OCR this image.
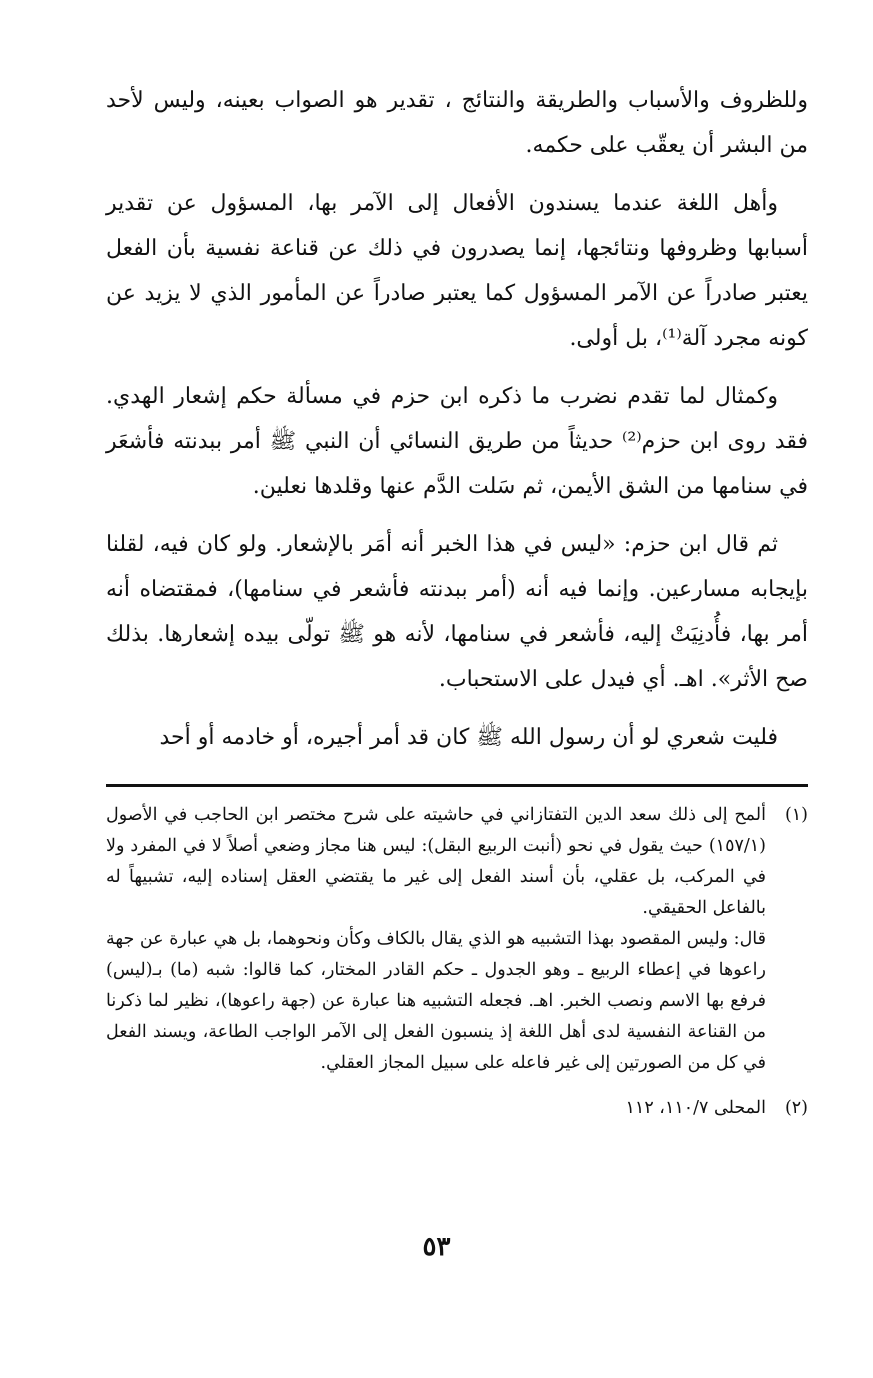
وللظروف والأسباب والطريقة والنتائج ، تقدير هو الصواب بعينه، وليس لأحد من البشر أن يعقّب على حكمه.

وأهل اللغة عندما يسندون الأفعال إلى الآمر بها، المسؤول عن تقدير أسبابها وظروفها ونتائجها، إنما يصدرون في ذلك عن قناعة نفسية بأن الفعل يعتبر صادراً عن الآمر المسؤول كما يعتبر صادراً عن المأمور الذي لا يزيد عن كونه مجرد آلة⁽¹⁾، بل أولى.

وكمثال لما تقدم نضرب ما ذكره ابن حزم في مسألة حكم إشعار الهدي. فقد روى ابن حزم⁽²⁾ حديثاً من طريق النسائي أن النبي ﷺ أمر ببدنته فأشعَر في سنامها من الشق الأيمن، ثم سَلت الدَّم عنها وقلدها نعلين.

ثم قال ابن حزم: «ليس في هذا الخبر أنه أمَر بالإشعار. ولو كان فيه، لقلنا بإيجابه مسارعين. وإنما فيه أنه (أمر ببدنته فأشعر في سنامها)، فمقتضاه أنه أمر بها، فأُدنِيَتْ إليه، فأشعر في سنامها، لأنه هو ﷺ تولّى بيده إشعارها. بذلك صح الأثر». اهـ. أي فيدل على الاستحباب.

فليت شعري لو أن رسول الله ﷺ كان قد أمر أجيره، أو خادمه أو أحد

(١)

ألمح إلى ذلك سعد الدين التفتازاني في حاشيته على شرح مختصر ابن الحاجب في الأصول (١٥٧/١) حيث يقول في نحو (أنبت الربيع البقل): ليس هنا مجاز وضعي أصلاً لا في المفرد ولا في المركب، بل عقلي، بأن أسند الفعل إلى غير ما يقتضي العقل إسناده إليه، تشبيهاً له بالفاعل الحقيقي.

قال: وليس المقصود بهذا التشبيه هو الذي يقال بالكاف وكأن ونحوهما، بل هي عبارة عن جهة راعوها في إعطاء الربيع ـ وهو الجدول ـ حكم القادر المختار، كما قالوا: شبه (ما) بـ(ليس) فرفع بها الاسم ونصب الخبر. اهـ. فجعله التشبيه هنا عبارة عن (جهة راعوها)، نظير لما ذكرنا من القناعة النفسية لدى أهل اللغة إذ ينسبون الفعل إلى الآمر الواجب الطاعة، ويسند الفعل في كل من الصورتين إلى غير فاعله على سبيل المجاز العقلي.

(٢)

المحلى ١١٠/٧، ١١٢

٥٣
